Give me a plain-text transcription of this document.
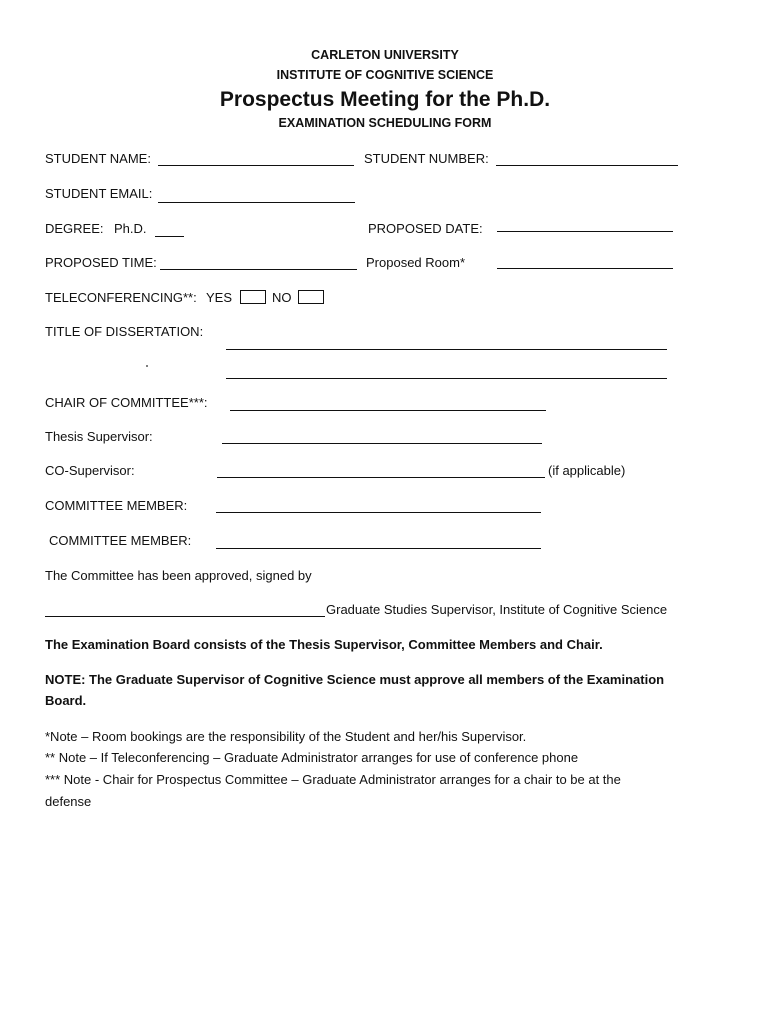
CARLETON UNIVERSITY
INSTITUTE OF COGNITIVE SCIENCE
Prospectus Meeting for the Ph.D.
EXAMINATION SCHEDULING FORM
STUDENT NAME:	STUDENT NUMBER:
STUDENT EMAIL:
DEGREE: Ph.D.	PROPOSED DATE:
PROPOSED TIME:	Proposed Room*
TELECONFERENCING**: YES	NO
TITLE OF DISSERTATION:
CHAIR OF COMMITTEE***:
Thesis Supervisor:
CO-Supervisor:	(if applicable)
COMMITTEE MEMBER:
COMMITTEE MEMBER:
The Committee has been approved, signed by
Graduate Studies Supervisor, Institute of Cognitive Science
The Examination Board consists of the Thesis Supervisor, Committee Members and Chair.
NOTE: The Graduate Supervisor of Cognitive Science must approve all members of the Examination
Board.
*Note – Room bookings are the responsibility of the Student and her/his Supervisor.
** Note – If Teleconferencing – Graduate Administrator arranges for use of conference phone
*** Note - Chair for Prospectus Committee – Graduate Administrator arranges for a chair to be at the
defense
